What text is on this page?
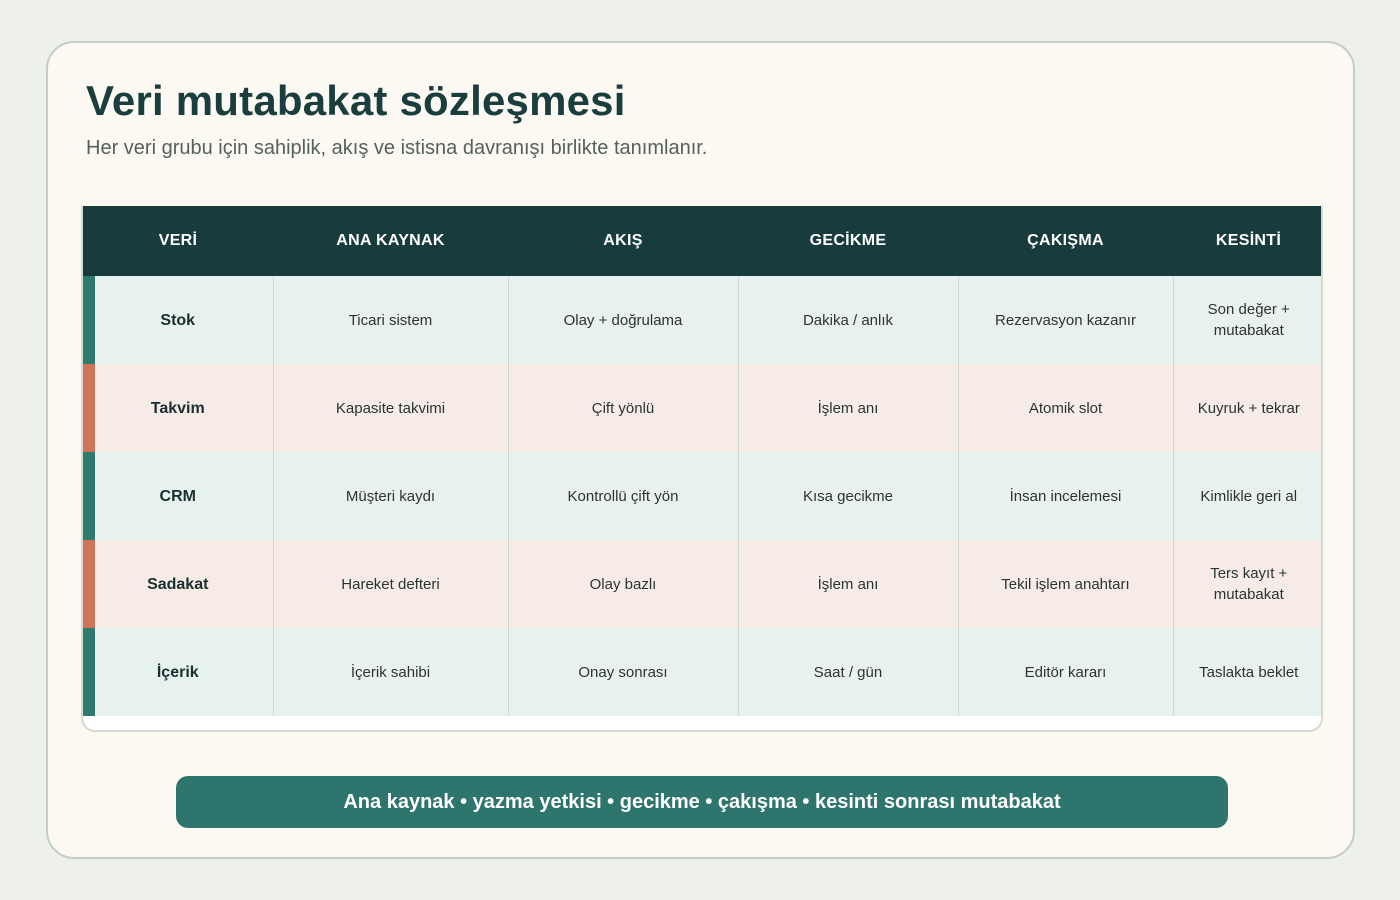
Veri mutabakat sözleşmesi

Her veri grubu için sahiplik, akış ve istisna davranışı birlikte tanımlanır.

VERİ	ANA KAYNAK	AKIŞ	GECİKME	ÇAKIŞMA	KESİNTİ

Stok	Ticari sistem	Olay + doğrulama	Dakika / anlık	Rezervasyon kazanır	Son değer + mutabakat

Takvim	Kapasite takvimi	Çift yönlü	İşlem anı	Atomik slot	Kuyruk + tekrar

CRM	Müşteri kaydı	Kontrollü çift yön	Kısa gecikme	İnsan incelemesi	Kimlikle geri al

Sadakat	Hareket defteri	Olay bazlı	İşlem anı	Tekil işlem anahtarı	Ters kayıt + mutabakat

İçerik	İçerik sahibi	Onay sonrası	Saat / gün	Editör kararı	Taslakta beklet
Ana kaynak • yazma yetkisi • gecikme • çakışma • kesinti sonrası mutabakat
